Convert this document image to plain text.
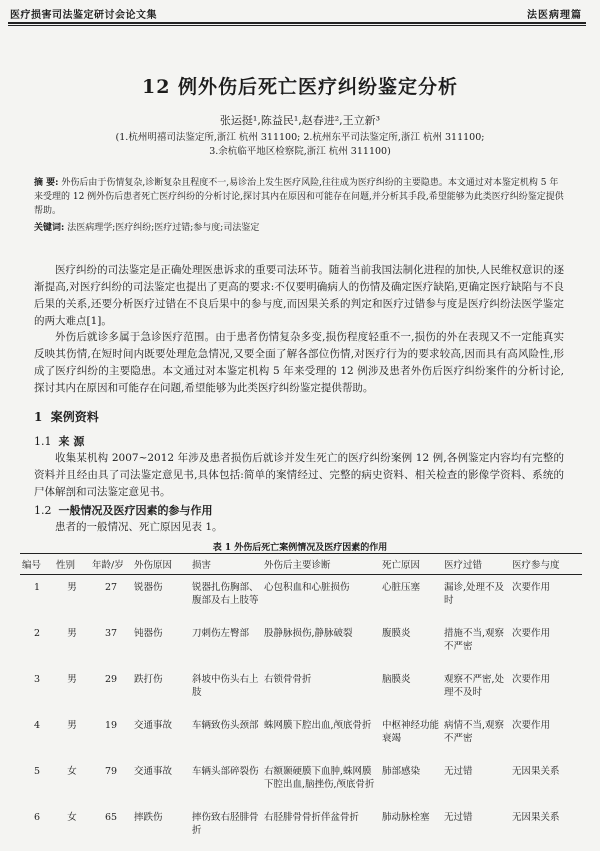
医疗损害司法鉴定研讨会论文集	法医病理篇
12 例外伤后死亡医疗纠纷鉴定分析
张运挺¹,陈益民¹,赵春进²,王立新³
(1.杭州明禧司法鉴定所,浙江 杭州 311100; 2.杭州东平司法鉴定所,浙江 杭州 311100;
3.余杭临平地区检察院,浙江 杭州 311100)
摘 要: 外伤后由于伤情复杂,诊断复杂且程度不一,易诊治上发生医疗风险,往往成为医疗纠纷的主要隐患。本文通过对本鉴定机构 5 年来受理的 12 例外伤后患者死亡医疗纠纷的分析讨论,探讨其内在原因和可能存在问题,并分析其手段,希望能够为此类医疗纠纷鉴定提供帮助。
关键词: 法医病理学;医疗纠纷;医疗过错;参与度;司法鉴定
医疗纠纷的司法鉴定是正确处理医患诉求的重要司法环节。随着当前我国法制化进程的加快,人民维权意识的逐渐提高,对医疗纠纷的司法鉴定也提出了更高的要求:不仅要明确病人的伤情及确定医疗缺陷,更确定医疗缺陷与不良后果的关系,还要分析医疗过错在不良后果中的参与度,而因果关系的判定和医疗过错参与度是医疗纠纷法医学鉴定的两大难点[1]。
外伤后就诊多属于急诊医疗范围。由于患者伤情复杂多变,损伤程度轻重不一,损伤的外在表现又不一定能真实反映其伤情,在短时间内既要处理危急情况,又要全面了解各部位伤情,对医疗行为的要求较高,因而具有高风险性,形成了医疗纠纷的主要隐患。本文通过对本鉴定机构 5 年来受理的 12 例涉及患者外伤后医疗纠纷案件的分析讨论,探讨其内在原因和可能存在问题,希望能够为此类医疗纠纷鉴定提供帮助。
1 案例资料
1.1 来 源
收集某机构 2007~2012 年涉及患者损伤后就诊并发生死亡的医疗纠纷案例 12 例,各例鉴定内容均有完整的资料并且经由具了司法鉴定意见书,具体包括:简单的案情经过、完整的病史资料、相关检查的影像学资料、系统的尸体解剖和司法鉴定意见书。
1.2 一般情况及医疗因素的参与作用
患者的一般情况、死亡原因见表 1。
表 1 外伤后死亡案例情况及医疗因素的作用
编号	性别	年龄/岁	外伤原因	损害	外伤后主要诊断	死亡原因	医疗过错	医疗参与度
1	男	27	锐器伤	锐器扎伤胸部、腹部及右上肢等	心包积血和心脏损伤	心脏压塞	漏诊,处理不及时	次要作用
2	男	37	钝器伤	刀刺伤左臀部	股静脉损伤,静脉破裂	腹膜炎	措施不当,观察不严密	次要作用
3	男	29	跌打伤	斜坡中伤头右上肢	右锁骨骨折	脑膜炎	观察不严密,处理不及时	次要作用
4	男	19	交通事故	车辆致伤头颈部	蛛网膜下腔出血,颅底骨折	中枢神经功能衰竭	病情不当,观察不严密	次要作用
5	女	79	交通事故	车辆头部碎裂伤	右额颞硬膜下血肿,蛛网膜下腔出血,脑挫伤,颅底骨折	肺部感染	无过错	无因果关系
6	女	65	摔跌伤	摔伤致右胫腓骨折	右胫腓骨骨折伴盆骨折	肺动脉栓塞	无过错	无因果关系
